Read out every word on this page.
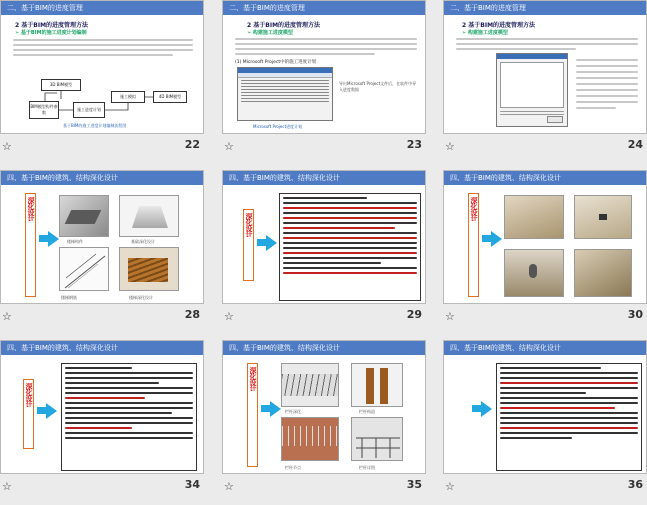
二、基于BIM的进度管理
2 基于BIM的进度管理方法
➢ 基于BIM的施工进度计划编制
3D BIM模型
BIM模型构件参数
施工进度计划
施工模拟	4D BIM模型
基于BIM的施工进度计划编制流程图
☆	22
二、基于BIM的进度管理
2 基于BIM的进度管理方法
➢ 构建施工进度模型
(1) Microsoft Project中的施工进度计划
导出Microsoft Project文件后，在软件中导入进度数据
Microsoft Project进度计划
☆	23
二、基于BIM的进度管理
2 基于BIM的进度管理方法
➢ 构建施工进度模型
☆	24
四、基于BIM的建筑、结构深化设计
深化设计
楼梯构件	基础深化设计
楼梯钢筋	楼梯深化设计
☆	28
四、基于BIM的建筑、结构深化设计
深化设计
☆	29
四、基于BIM的建筑、结构深化设计
深化设计
☆	30
四、基于BIM的建筑、结构深化设计
深化设计
☆	34
四、基于BIM的建筑、结构深化设计
深化设计
栏杆深化	栏杆构造
栏杆节点	栏杆详图
☆	35
四、基于BIM的建筑、结构深化设计
☆	36
